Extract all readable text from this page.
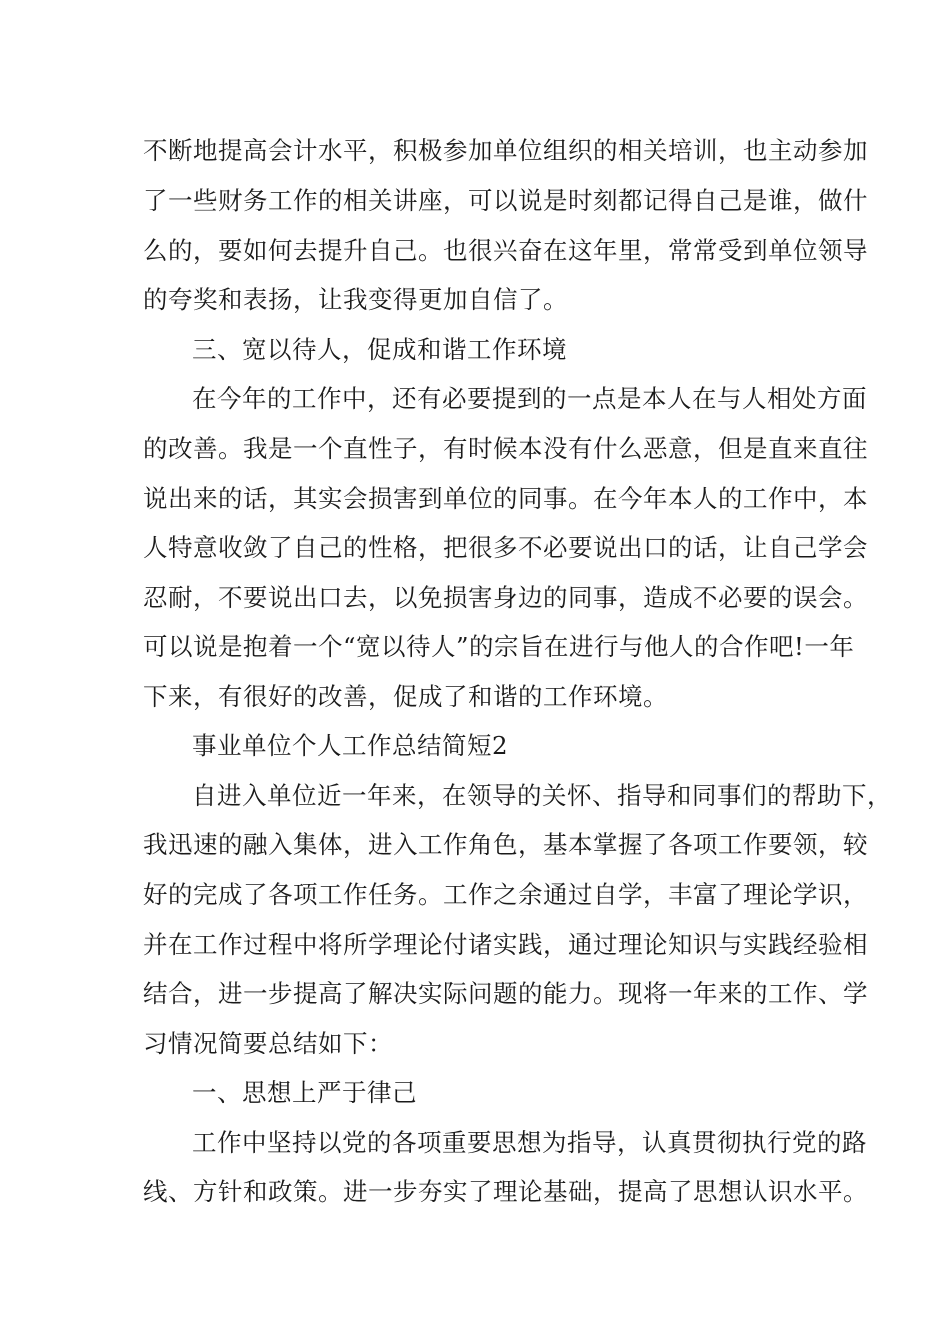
不断地提高会计水平，积极参加单位组织的相关培训，也主动参加
了一些财务工作的相关讲座，可以说是时刻都记得自己是谁，做什
么的，要如何去提升自己。也很兴奋在这年里，常常受到单位领导
的夸奖和表扬，让我变得更加自信了。
三、宽以待人，促成和谐工作环境
在今年的工作中，还有必要提到的一点是本人在与人相处方面
的改善。我是一个直性子，有时候本没有什么恶意，但是直来直往
说出来的话，其实会损害到单位的同事。在今年本人的工作中，本
人特意收敛了自己的性格，把很多不必要说出口的话，让自己学会
忍耐，不要说出口去，以免损害身边的同事，造成不必要的误会。
可以说是抱着一个“宽以待人”的宗旨在进行与他人的合作吧!一年
下来，有很好的改善，促成了和谐的工作环境。
事业单位个人工作总结简短2
自进入单位近一年来，在领导的关怀、指导和同事们的帮助下，
我迅速的融入集体，进入工作角色，基本掌握了各项工作要领，较
好的完成了各项工作任务。工作之余通过自学，丰富了理论学识，
并在工作过程中将所学理论付诸实践，通过理论知识与实践经验相
结合，进一步提高了解决实际问题的能力。现将一年来的工作、学
习情况简要总结如下：
一、思想上严于律己
工作中坚持以党的各项重要思想为指导，认真贯彻执行党的路
线、方针和政策。进一步夯实了理论基础，提高了思想认识水平。
